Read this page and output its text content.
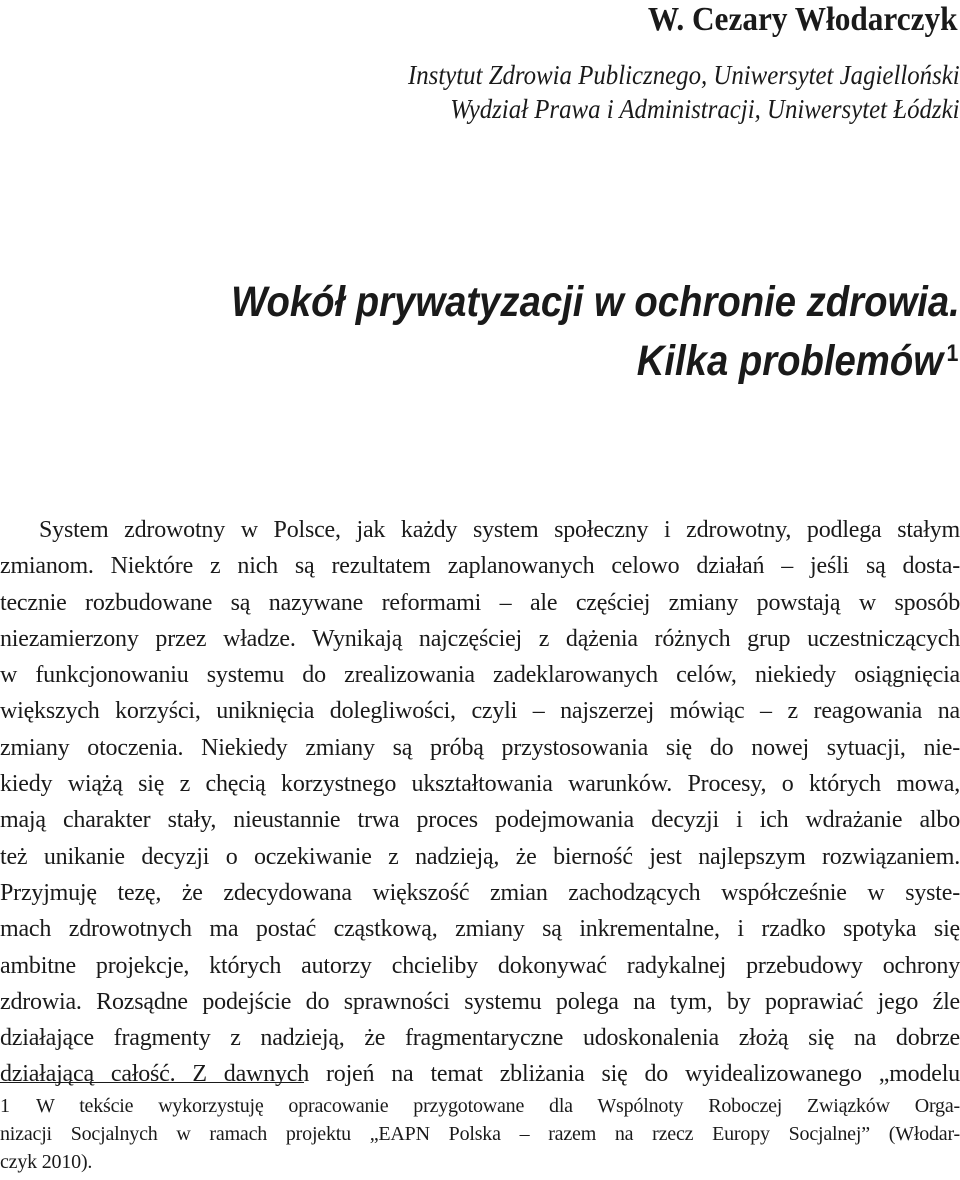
W. Cezary Włodarczyk

Instytut Zdrowia Publicznego, Uniwersytet Jagielloński

Wydział Prawa i Administracji, Uniwersytet Łódzki

Wokół prywatyzacji w ochronie zdrowia.
Kilka problemów $^1$
System zdrowotny w Polsce, jak każdy system społeczny i zdrowotny, podlega stałym
zmianom. Niektóre z nich są rezultatem zaplanowanych celowo działań – jeśli są dosta-
tecznie rozbudowane są nazywane reformami – ale częściej zmiany powstają w sposób
niezamierzony przez władze. Wynikają najczęściej z dążenia różnych grup uczestniczących
w funkcjonowaniu systemu do zrealizowania zadeklarowanych celów, niekiedy osiągnięcia
większych korzyści, uniknięcia dolegliwości, czyli – najszerzej mówiąc – z reagowania na
zmiany otoczenia. Niekiedy zmiany są próbą przystosowania się do nowej sytuacji, nie-
kiedy wiążą się z chęcią korzystnego ukształtowania warunków. Procesy, o których mowa,
mają charakter stały, nieustannie trwa proces podejmowania decyzji i ich wdrażanie albo
też unikanie decyzji o oczekiwanie z nadzieją, że bierność jest najlepszym rozwiązaniem.
Przyjmuję tezę, że zdecydowana większość zmian zachodzących współcześnie w syste-
mach zdrowotnych ma postać cząstkową, zmiany są inkrementalne, i rzadko spotyka się
ambitne projekcje, których autorzy chcieliby dokonywać radykalnej przebudowy ochrony
zdrowia. Rozsądne podejście do sprawności systemu polega na tym, by poprawiać jego źle
działające fragmenty z nadzieją, że fragmentaryczne udoskonalenia złożą się na dobrze
działającą całość. Z dawnych rojeń na temat zbliżania się do wyidealizowanego „modelu
1 W tekście wykorzystuję opracowanie przygotowane dla Wspólnoty Roboczej Związków Orga-
nizacji Socjalnych w ramach projektu „EAPN Polska – razem na rzecz Europy Socjalnej” (Włodar-
czyk 2010).
